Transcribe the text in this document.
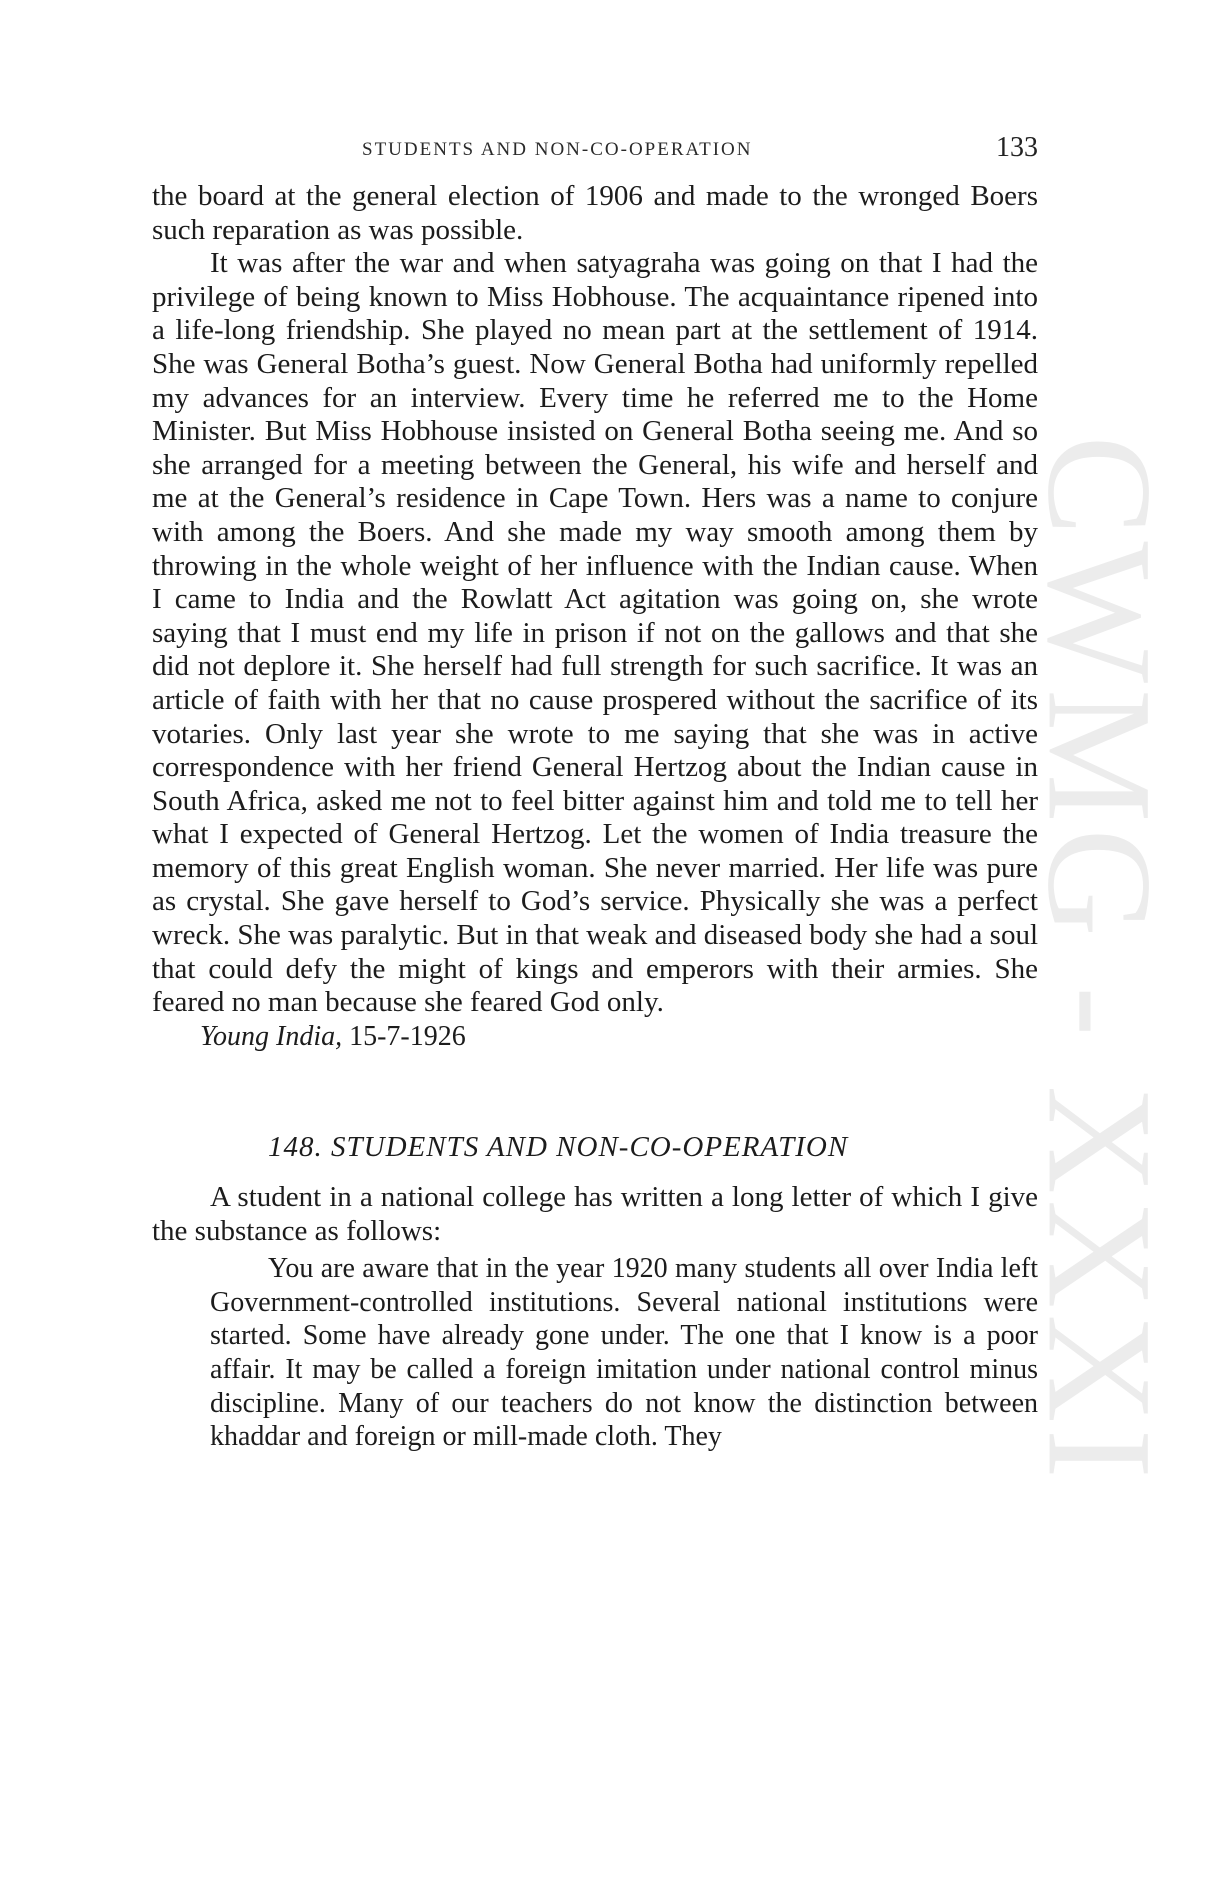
CWMG - XXXI
STUDENTS AND NON-CO-OPERATION	133

the board at the general election of 1906 and made to the wronged Boers such reparation as was possible.

It was after the war and when satyagraha was going on that I had the privilege of being known to Miss Hobhouse. The acquaintance ripened into a life-long friendship. She played no mean part at the settlement of 1914. She was General Botha’s guest. Now General Botha had uniformly repelled my advances for an interview. Every time he referred me to the Home Minister. But Miss Hobhouse insisted on General Botha seeing me. And so she arranged for a meeting between the General, his wife and herself and me at the General’s residence in Cape Town. Hers was a name to conjure with among the Boers. And she made my way smooth among them by throwing in the whole weight of her influence with the Indian cause. When I came to India and the Rowlatt Act agitation was going on, she wrote saying that I must end my life in prison if not on the gallows and that she did not deplore it. She herself had full strength for such sacrifice. It was an article of faith with her that no cause prospered without the sacrifice of its votaries. Only last year she wrote to me saying that she was in active correspondence with her friend General Hertzog about the Indian cause in South Africa, asked me not to feel bitter against him and told me to tell her what I expected of General Hertzog. Let the women of India treasure the memory of this great English woman. She never married. Her life was pure as crystal. She gave herself to God’s service. Physically she was a perfect wreck. She was paralytic. But in that weak and diseased body she had a soul that could defy the might of kings and emperors with their armies. She feared no man because she feared God only.

Young India, 15-7-1926

148. STUDENTS AND NON-CO-OPERATION

A student in a national college has written a long letter of which I give the substance as follows:

You are aware that in the year 1920 many students all over India left Government-controlled institutions. Several national institutions were started. Some have already gone under. The one that I know is a poor affair. It may be called a foreign imitation under national control minus discipline. Many of our teachers do not know the distinction between khaddar and foreign or mill-made cloth. They
